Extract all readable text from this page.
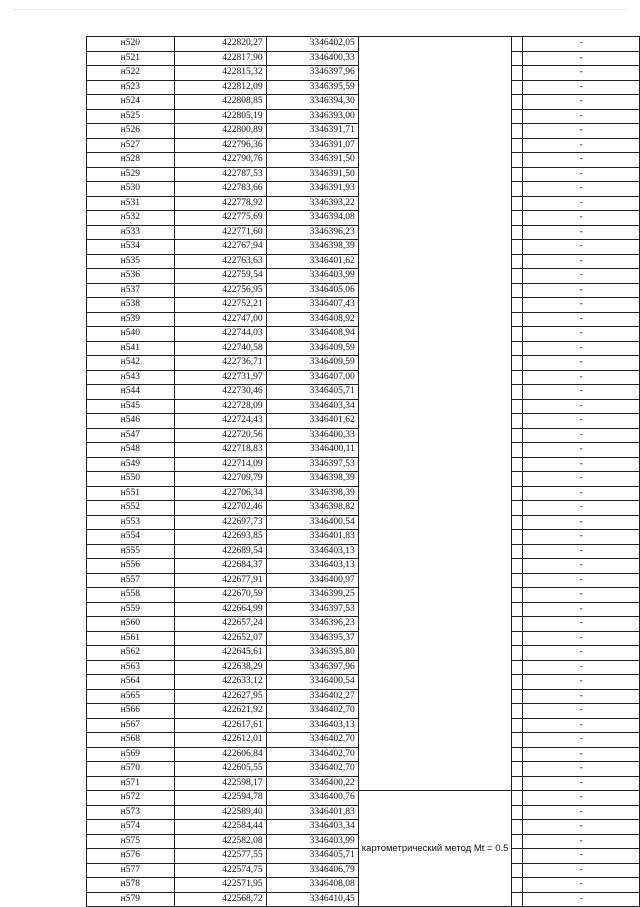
н520	422820,27	3346402,05			-
н521	422817,90	3346400,33			-
н522	422815,32	3346397,96			-
н523	422812,09	3346395,59			-
н524	422808,85	3346394,30			-
н525	422805,19	3346393,00			-
н526	422800,89	3346391,71			-
н527	422796,36	3346391,07			-
н528	422790,76	3346391,50			-
н529	422787,53	3346391,50			-
н530	422783,66	3346391,93			-
н531	422778,92	3346393,22			-
н532	422775,69	3346394,08			-
н533	422771,60	3346396,23			-
н534	422767,94	3346398,39			-
н535	422763,63	3346401,62			-
н536	422759,54	3346403,99			-
н537	422756,95	3346405,06			-
н538	422752,21	3346407,43			-
н539	422747,00	3346408,92			-
н540	422744,03	3346408,94			-
н541	422740,58	3346409,59			-
н542	422736,71	3346409,59			-
н543	422731,97	3346407,00			-
н544	422730,46	3346405,71			-
н545	422728,09	3346403,34			-
н546	422724,43	3346401,62			-
н547	422720,56	3346400,33			-
н548	422718,83	3346400,11			-
н549	422714,09	3346397,53			-
н550	422709,79	3346398,39			-
н551	422706,34	3346398,39			-
н552	422702,46	3346398,82			-
н553	422697,73	3346400,54			-
н554	422693,85	3346401,83			-
н555	422689,54	3346403,13			-
н556	422684,37	3346403,13			-
н557	422677,91	3346400,97			-
н558	422670,59	3346399,25			-
н559	422664,99	3346397,53			-
н560	422657,24	3346396,23			-
н561	422652,07	3346395,37			-
н562	422645,61	3346395,80			-
н563	422638,29	3346397,96			-
н564	422633,12	3346400,54			-
н565	422627,95	3346402,27			-
н566	422621,92	3346402,70			-
н567	422617,61	3346403,13			-
н568	422612,01	3346402,70			-
н569	422606,84	3346402,70			-
н570	422605,55	3346402,70			-
н571	422598,17	3346400,22			-
н572	422594,78	3346400,76	картометрический метод Mt = 0.5		-
н573	422589,40	3346401,83			-
н574	422584,44	3346403,34			-
н575	422582,08	3346403,99			-
н576	422577,55	3346405,71			-
н577	422574,75	3346406,79			-
н578	422571,95	3346408,08			-
н579	422568,72	3346410,45			-
